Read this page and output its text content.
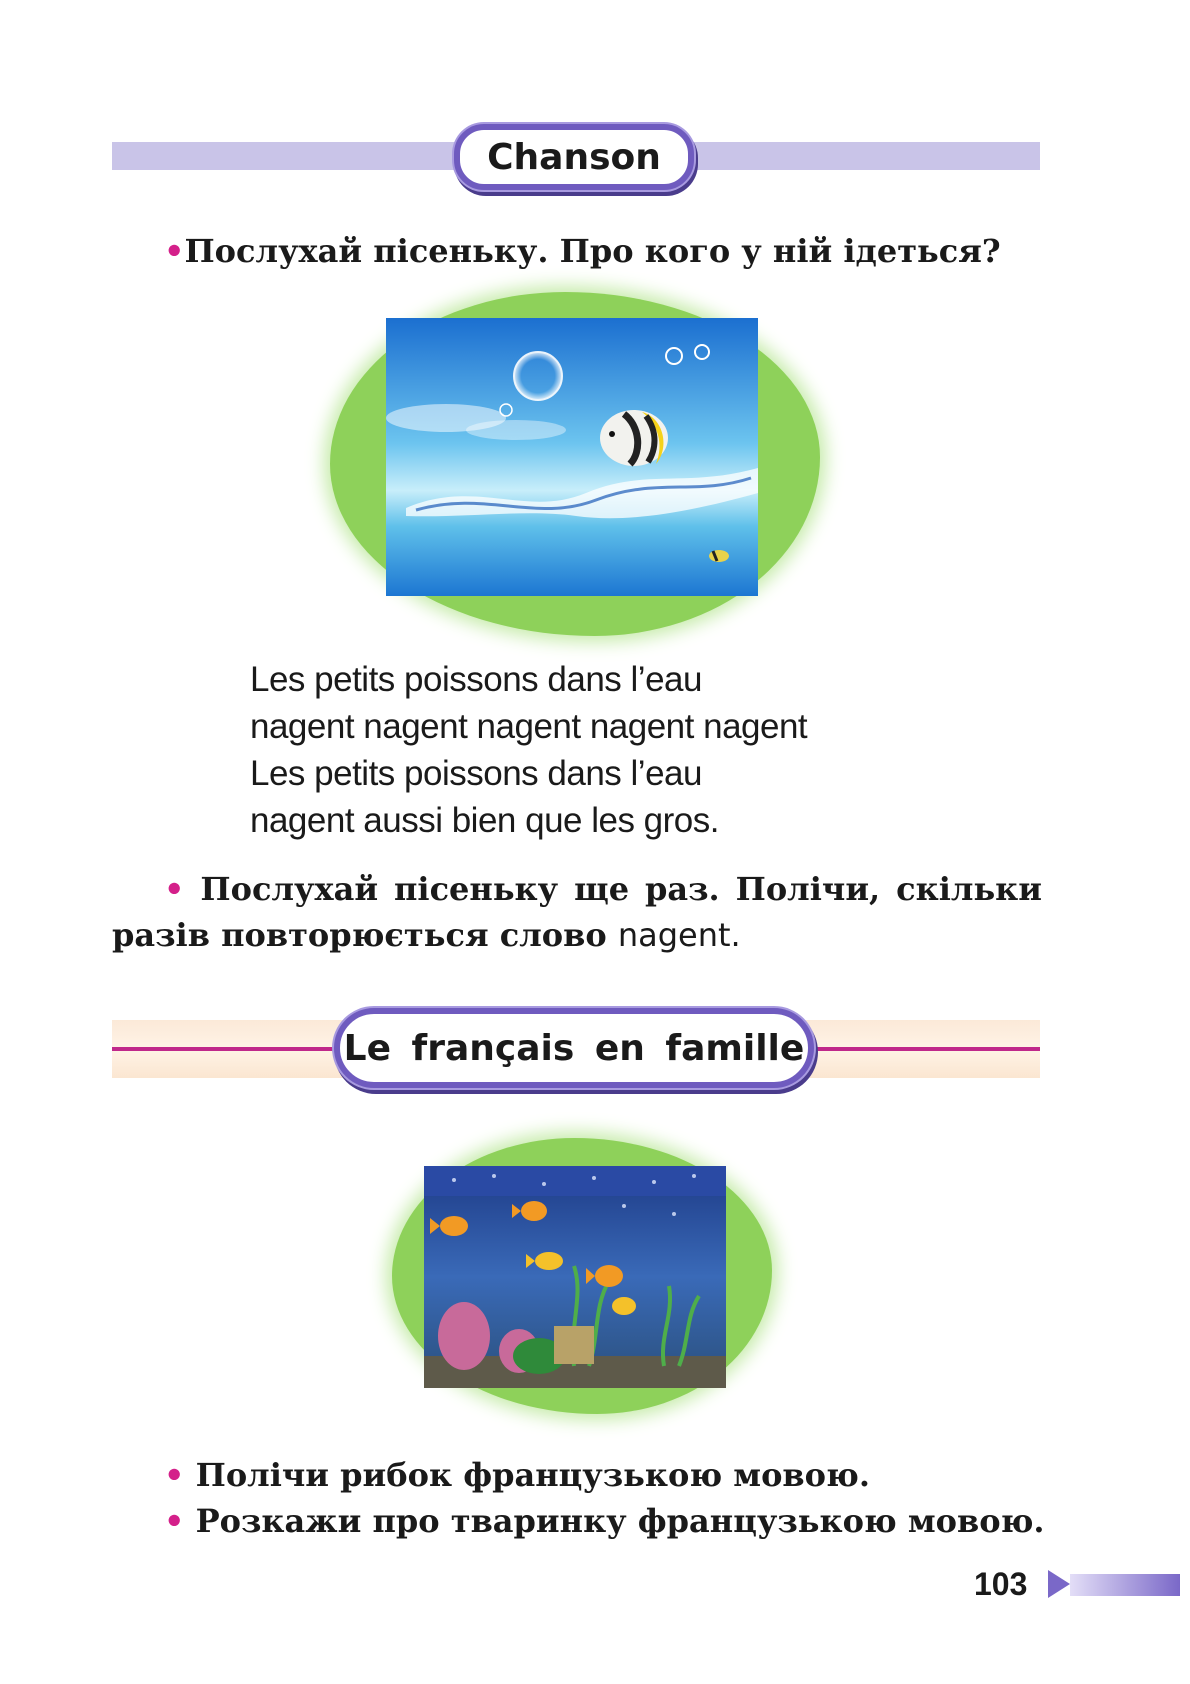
Chanson
•Послухай пісеньку. Про кого у ній ідеться?
Les petits poissons dans l’eau
nagent nagent nagent nagent nagent
Les petits poissons dans l’eau
nagent aussi bien que les gros.
• Послухай пісеньку ще раз. Полічи, скільки
разів повторюється слово nagent.
Le français en famille
• Полічи рибок французькою мовою.
• Розкажи про тваринку французькою мовою.
103
